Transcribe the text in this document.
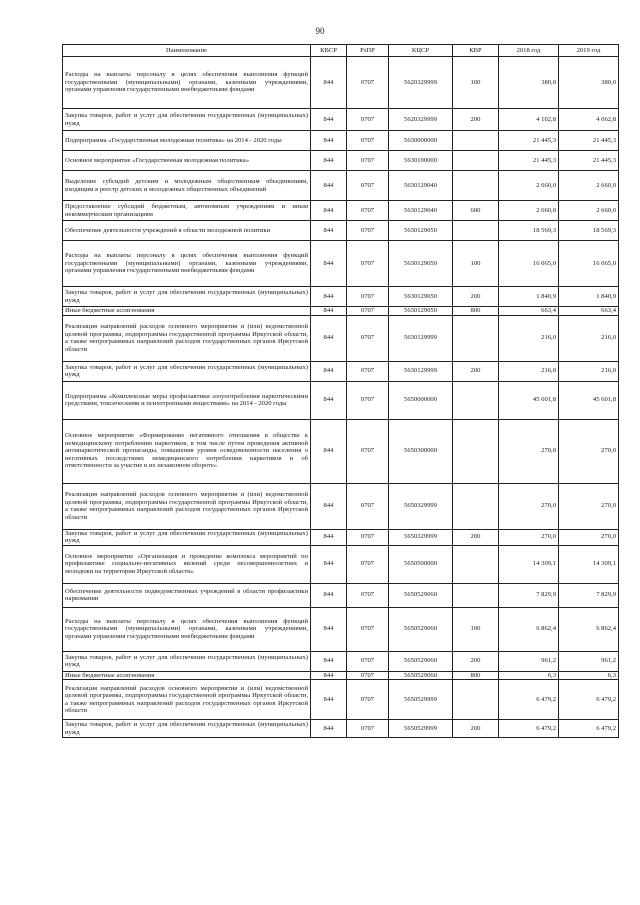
90
Наименование	КВСР	РзПР	КЦСР	КВР	2018 год	2019 год
Расходы на выплаты персоналу в целях обеспечения выполнения функций государственными (муниципальными) органами, казенными учреждениями, органами управления государственными внебюджетными фондами	844	0707	5620329999	100	380,0	380,0
Закупка товаров, работ и услуг для обеспечения государственных (муниципальных) нужд	844	0707	5620329999	200	4 102,8	4 062,8
Подпрограмма «Государственная молодежная политика» на 2014 - 2020 годы	844	0707	5630000000		21 445,3	21 445,3
Основное мероприятие «Государственная молодежная политика»	844	0707	5630100000		21 445,3	21 445,3
Выделение субсидий детским и молодежным общественным объединениям, входящим в реестр детских и молодежных общественных объединений	844	0707	5630129040		2 660,0	2 660,0
Предоставление субсидий бюджетным, автономным учреждениям и иным некоммерческим организациям	844	0707	5630129040	600	2 660,0	2 660,0
Обеспечение деятельности учреждений в области молодежной политики	844	0707	5630129050		18 569,3	18 569,3
Расходы на выплаты персоналу в целях обеспечения выполнения функций государственными (муниципальными) органами, казенными учреждениями, органами управления государственными внебюджетными фондами	844	0707	5630129050	100	16 065,0	16 065,0
Закупка товаров, работ и услуг для обеспечения государственных (муниципальных) нужд	844	0707	5630129050	200	1 840,9	1 840,9
Иные бюджетные ассигнования	844	0707	5630129050	800	663,4	663,4
Реализация направлений расходов основного мероприятия и (или) ведомственной целевой программы, подпрограммы государственной программы Иркутской области, а также непрограммных направлений расходов государственных органов Иркутской области	844	0707	5630129999		216,0	216,0
Закупка товаров, работ и услуг для обеспечения государственных (муниципальных) нужд	844	0707	5630129999	200	216,0	216,0
Подпрограмма «Комплексные меры профилактики злоупотребления наркотическими средствами, токсическими и психотропными веществами» на 2014 - 2020 годы	844	0707	5650000000		45 601,8	45 601,8
Основное мероприятие «Формирование негативного отношения в обществе к немедицинскому потреблению наркотиков, в том числе путем проведения активной антинаркотической пропаганды, повышения уровня осведомленности населения о негативных последствиях немедицинского потребления наркотиков и об ответственности за участие в их незаконном обороте»	844	0707	5650300000		270,0	270,0
Реализация направлений расходов основного мероприятия и (или) ведомственной целевой программы, подпрограммы государственной программы Иркутской области, а также непрограммных направлений расходов государственных органов Иркутской области	844	0707	5650329999		270,0	270,0
Закупка товаров, работ и услуг для обеспечения государственных (муниципальных) нужд	844	0707	5650329999	200	270,0	270,0
Основное мероприятие «Организация и проведение комплекса мероприятий по профилактике социально-негативных явлений среди несовершеннолетних и молодежи на территории Иркутской области»	844	0707	5650500000		14 309,1	14 309,1
Обеспечение деятельности подведомственных учреждений в области профилактики наркомании	844	0707	5650529060		7 829,9	7 829,9
Расходы на выплаты персоналу в целях обеспечения выполнения функций государственными (муниципальными) органами, казенными учреждениями, органами управления государственными внебюджетными фондами	844	0707	5650529060	100	6 862,4	6 862,4
Закупка товаров, работ и услуг для обеспечения государственных (муниципальных) нужд	844	0707	5650529060	200	961,2	961,2
Иные бюджетные ассигнования	844	0707	5650529060	800	6,3	6,3
Реализация направлений расходов основного мероприятия и (или) ведомственной целевой программы, подпрограммы государственной программы Иркутской области, а также непрограммных направлений расходов государственных органов Иркутской области	844	0707	5650529999		6 479,2	6 479,2
Закупка товаров, работ и услуг для обеспечения государственных (муниципальных) нужд	844	0707	5650529999	200	6 479,2	6 479,2
